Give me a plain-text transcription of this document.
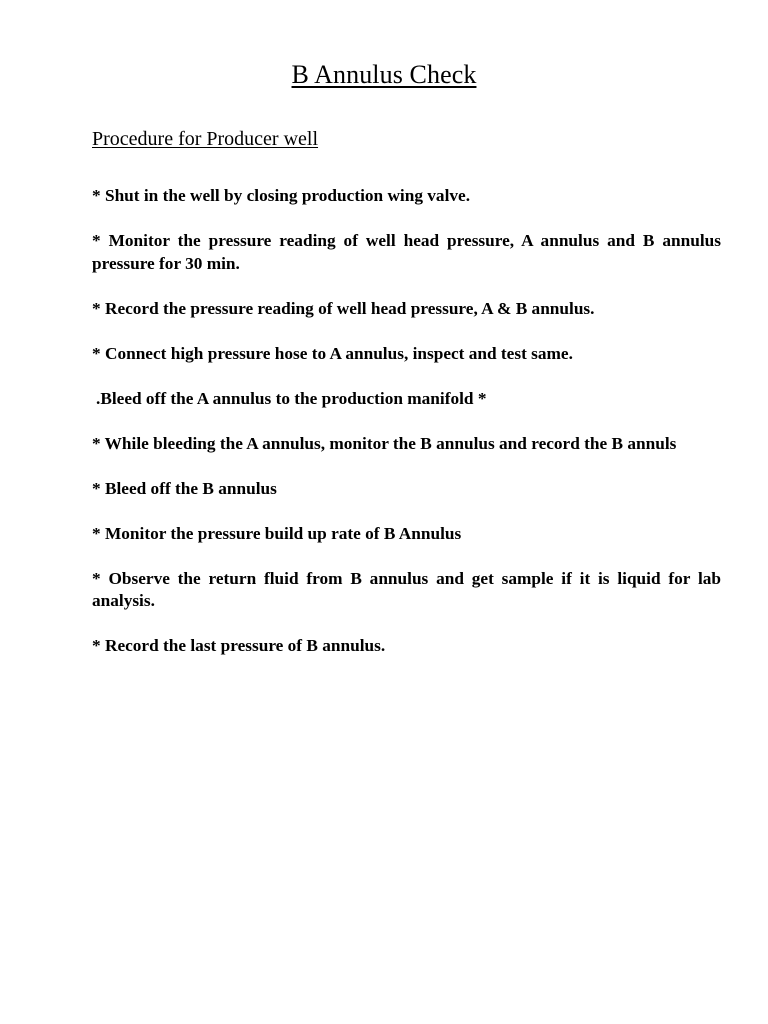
B Annulus Check
Procedure for Producer well
* Shut in the well by closing production wing valve.
* Monitor the pressure reading of well head pressure, A annulus and B annulus pressure for 30 min.
* Record the pressure reading of well head pressure, A & B annulus.
* Connect high pressure hose to A annulus, inspect and test same.
.Bleed off the A annulus to the production manifold *
* While bleeding the A annulus, monitor the B annulus and record the B annuls
* Bleed off the B annulus
* Monitor the pressure build up rate of B Annulus
* Observe the return fluid from B annulus and get sample if it is liquid for lab analysis.
* Record the last pressure of B annulus.
